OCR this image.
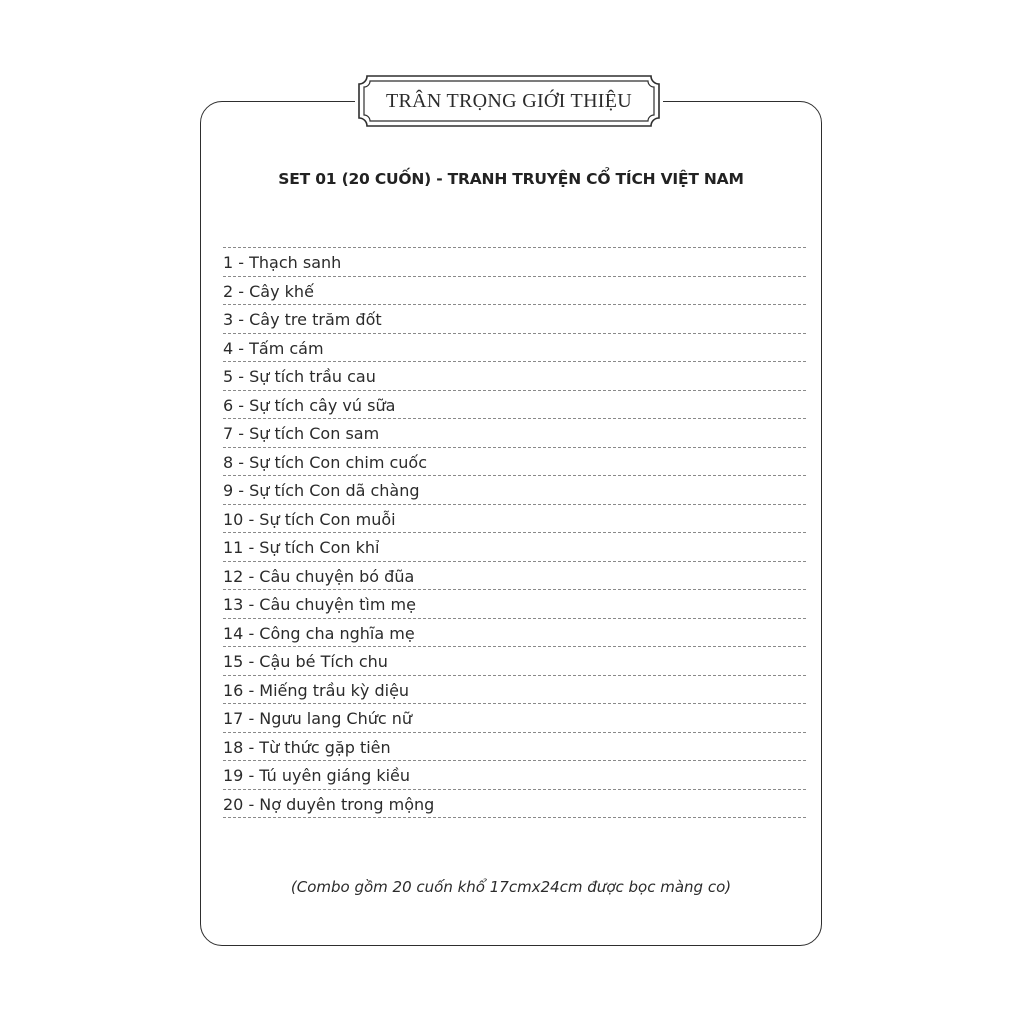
TRÂN TRỌNG GIỚI THIỆU
SET 01 (20 CUỐN) - TRANH TRUYỆN CỔ TÍCH VIỆT NAM
1 - Thạch sanh
2 - Cây khế
3 - Cây tre trăm đốt
4 - Tấm cám
5 - Sự tích trầu cau
6 - Sự tích cây vú sữa
7 - Sự tích Con sam
8 - Sự tích Con chim cuốc
9 - Sự tích Con dã chàng
10 - Sự tích Con muỗi
11 - Sự tích Con khỉ
12 - Câu chuyện bó đũa
13 - Câu chuyện tìm mẹ
14 - Công cha nghĩa mẹ
15 - Cậu bé Tích chu
16 - Miếng trầu kỳ diệu
17 - Ngưu lang Chức nữ
18 - Từ thức gặp tiên
19 - Tú uyên giáng kiều
20 - Nợ duyên trong mộng
(Combo gồm 20 cuốn khổ 17cmx24cm được bọc màng co)
